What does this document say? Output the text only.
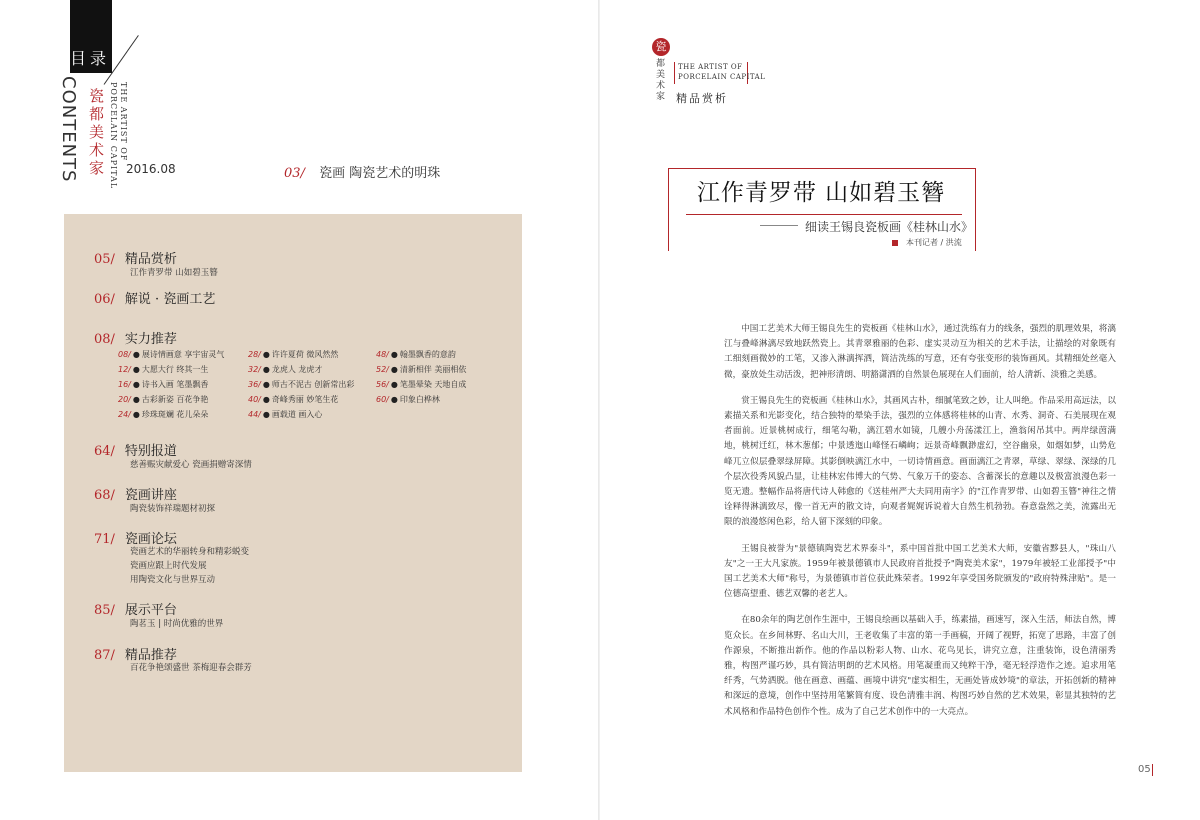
目录
CONTENTS 瓷都美术家 THE ARTIST OF
PORCELAIN CAPITAL 2016.08	03/ 瓷画 陶瓷艺术的明珠
05/ 精品赏析
江作青罗带 山如碧玉簪
06/ 解说 · 瓷画工艺
08/ 实力推荐
08/ ● 展诗情画意 享宇宙灵气
12/ ● 大愿大行 终其一生
16/ ● 诗书入画 笔墨飘香
20/ ● 古彩新姿 百花争艳
24/ ● 珍珠斑斓 花儿朵朵
28/ ● 许许夏荷 微风然然
32/ ● 龙虎人 龙虎才
36/ ● 师古不泥古 创新常出彩
40/ ● 奇峰秀丽 妙笔生花
44/ ● 画载道 画入心
48/ ● 翰墨飘香的意韵
52/ ● 清新相伴 美丽相依
56/ ● 笔墨晕染 天地自成
60/ ● 印象白桦林
64/ 特别报道
慈善赈灾献爱心 瓷画捐赠寄深情
68/ 瓷画讲座
陶瓷装饰祥瑞题材初探
71/ 瓷画论坛
瓷画艺术的华丽转身和精彩蜕变
瓷画应跟上时代发展
用陶瓷文化与世界互动
85/ 展示平台
陶茗玉 | 时尚优雅的世界
87/ 精品推荐
百花争艳颂盛世 茶梅迎春会群芳
瓷
都美术家 THE ARTIST OF
PORCELAIN CAPITAL
精品赏析
江作青罗带 山如碧玉簪
细读王锡良瓷板画《桂林山水》
本刊记者 / 洪流

中国工艺美术大师王锡良先生的瓷板画《桂林山水》，通过洗练有力的线条，强烈的肌理效果，将漓江与叠峰淋漓尽致地跃然瓷上。其青翠雅丽的色彩、虚实灵动互为相关的艺术手法，让描绘的对象既有工细刻画微妙的工笔，又渗入淋漓挥洒，简洁洗练的写意，还有夸张变形的装饰画风。其精细处丝毫入微，豪放处生动活泼，把神形清朗、明豁潇洒的自然景色展现在人们面前，给人清新、淡雅之美感。

赏王锡良先生的瓷板画《桂林山水》，其画风古朴，细腻笔致之妙，让人叫绝。作品采用高远法，以素描关系和光影变化，结合独特的晕染手法，强烈的立体感将桂林的山青、水秀、洞奇、石美展现在观者面前。近景桃树成行，细笔勾勒，漓江碧水如镜，几艘小舟荡漾江上，渔翁闲吊其中。两岸绿茵满地，桃树迁红，林木葱郁；中景透迤山峰怪石嶙峋；远景奇峰飘渺虚幻，空谷幽泉，如烟如梦，山势危峰兀立似层叠翠绿屏障。其影倒映漓江水中，一切诗情画意。画面漓江之青翠，草绿、翠绿、深绿的几个层次役秀风貌凸显，让桂林宏伟博大的气势、气象万千的姿态、含蓄深长的意趣以及极富浪漫色彩一览无遗。整幅作品将唐代诗人韩愈的《送桂州严大夫同用南字》的"江作青罗带、山如碧玉簪"神往之情诠释得淋漓致尽，像一首无声的散文诗，向观者娓娓诉说着大自然生机勃勃。春意盎然之美，流露出无限的浪漫悠闲色彩，给人留下深刻的印象。

王锡良被誉为"景德镇陶瓷艺术界泰斗"，系中国首批中国工艺美术大师，安徽省黟县人，"珠山八友"之一王大凡家族。1959年被景德镇市人民政府首批授予"陶瓷美术家"，1979年被轻工业部授予"中国工艺美术大师"称号，为景德镇市首位获此殊荣者。1992年享受国务院颁发的"政府特殊津贴"。是一位德高望重、德艺双馨的老艺人。

在80余年的陶艺创作生涯中，王锡良绘画以基础入手，练素描，画速写，深入生活，师法自然，博览众长。在乡间林野、名山大川，王老收集了丰富的第一手画稿，开阔了视野，拓宽了思路，丰富了创作源泉，不断推出新作。他的作品以粉彩人物、山水、花鸟见长，讲究立意，注重装饰，设色清丽秀雅，构图严谨巧妙，具有简洁明朗的艺术风格。用笔凝重而又纯粹干净，毫无轻浮造作之迹。追求用笔纤秀，气势洒脱。他在画意、画蕴、画境中讲究"虚实相生，无画处皆成妙境"的章法，开拓创新的精神和深远的意境，创作中坚持用笔繁简有度、设色清雅丰润、构图巧妙自然的艺术效果，彰显其独特的艺术风格和作品特色创作个性。成为了自己艺术创作中的一大亮点。

05
